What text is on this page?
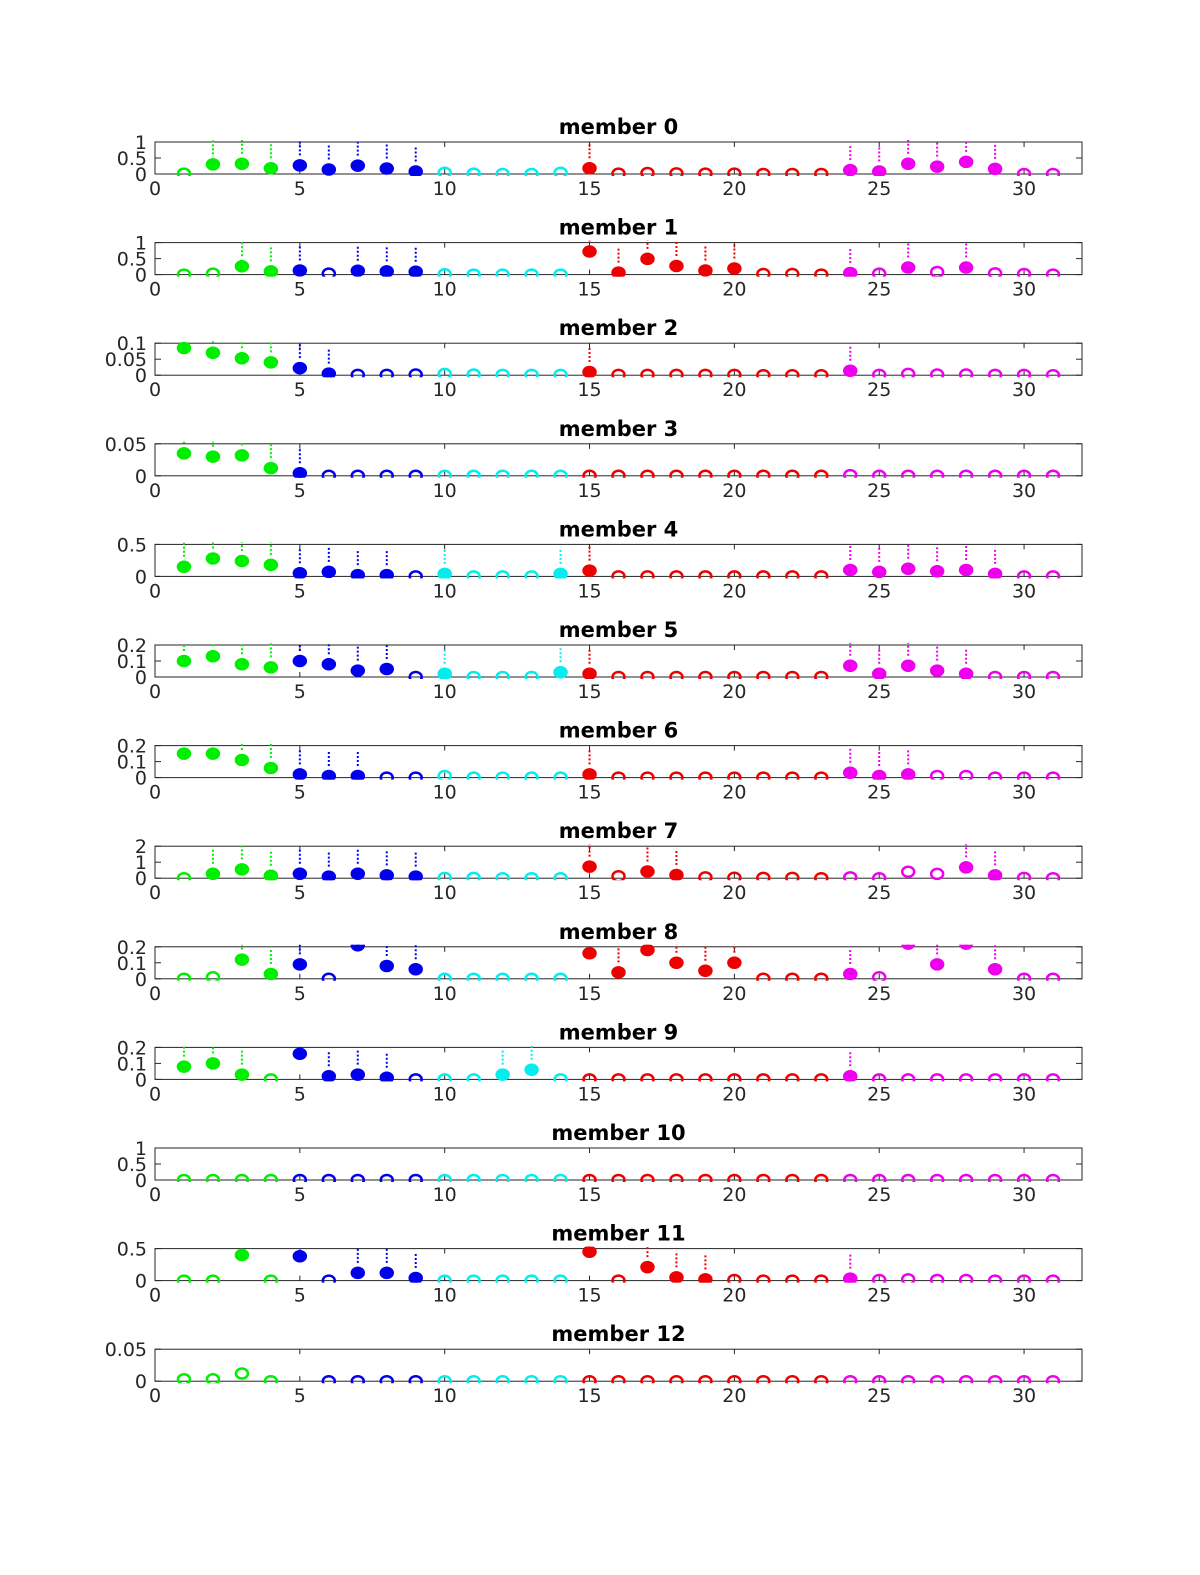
member 0
0	5	10	15	20	25	30
0
0.5
1
member 1
0	5	10	15	20	25	30
0
0.5
1
member 2
0	5	10	15	20	25	30
0
0.05
0.1
member 3
0	5	10	15	20	25	30
0
0.05
member 4
0	5	10	15	20	25	30
0
0.5
member 5
0	5	10	15	20	25	30
0
0.1
0.2
member 6
0	5	10	15	20	25	30
0
0.1
0.2
member 7
0	5	10	15	20	25	30
0
1
2
member 8
0	5	10	15	20	25	30
0
0.1
0.2
member 9
0	5	10	15	20	25	30
0
0.1
0.2
member 10
0	5	10	15	20	25	30
0
0.5
1
member 11
0	5	10	15	20	25	30
0
0.5
member 12
0	5	10	15	20	25	30
0
0.05
